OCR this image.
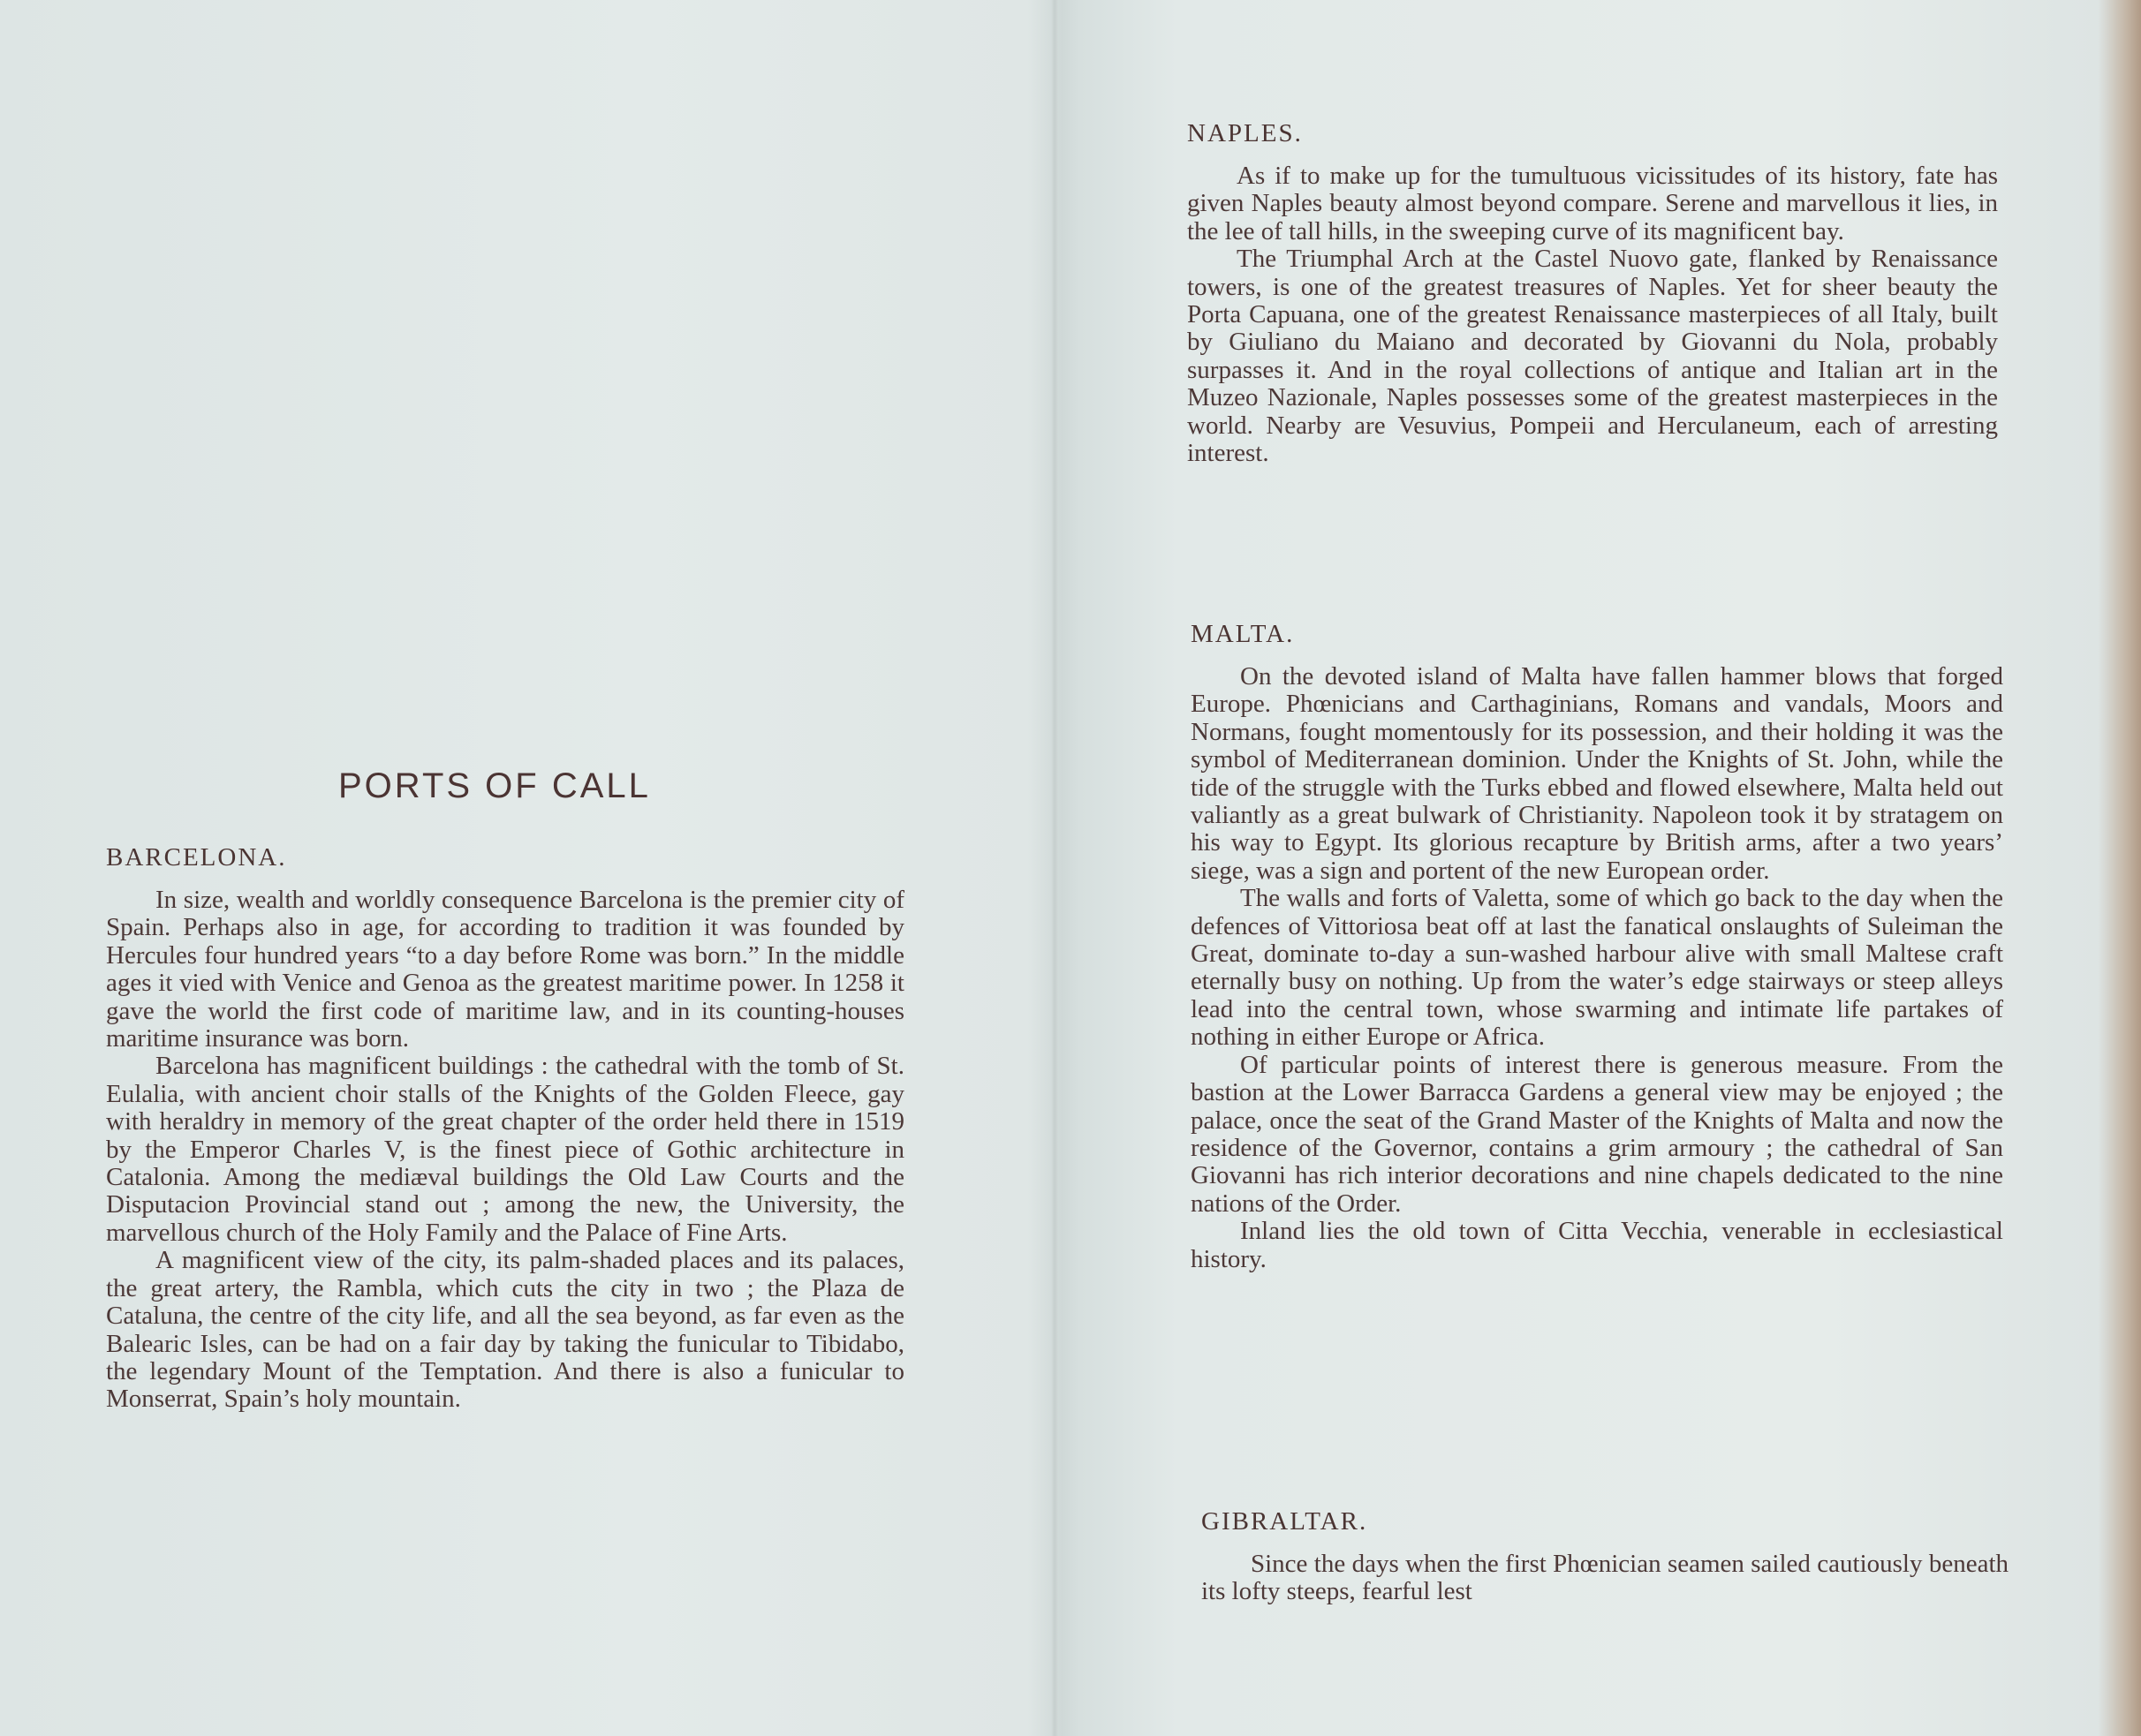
PORTS OF CALL
BARCELONA.

In size, wealth and worldly consequence Barcelona is the premier city of Spain. Perhaps also in age, for according to tradition it was founded by Hercules four hundred years “to a day before Rome was born.” In the middle ages it vied with Venice and Genoa as the greatest maritime power. In 1258 it gave the world the first code of maritime law, and in its counting-houses maritime insurance was born.

Barcelona has magnificent buildings : the cathedral with the tomb of St. Eulalia, with ancient choir stalls of the Knights of the Golden Fleece, gay with heraldry in memory of the great chapter of the order held there in 1519 by the Emperor Charles V, is the finest piece of Gothic architecture in Catalonia. Among the mediæval buildings the Old Law Courts and the Disputacion Provincial stand out ; among the new, the University, the marvellous church of the Holy Family and the Palace of Fine Arts.

A magnificent view of the city, its palm-shaded places and its palaces, the great artery, the Rambla, which cuts the city in two ; the Plaza de Cataluna, the centre of the city life, and all the sea beyond, as far even as the Balearic Isles, can be had on a fair day by taking the funicular to Tibidabo, the legendary Mount of the Temptation. And there is also a funicular to Monserrat, Spain’s holy mountain.

NAPLES.

As if to make up for the tumultuous vicissitudes of its history, fate has given Naples beauty almost beyond compare. Serene and marvellous it lies, in the lee of tall hills, in the sweeping curve of its magnificent bay.

The Triumphal Arch at the Castel Nuovo gate, flanked by Renaissance towers, is one of the greatest treasures of Naples. Yet for sheer beauty the Porta Capuana, one of the greatest Renaissance masterpieces of all Italy, built by Giuliano du Maiano and decorated by Giovanni du Nola, probably surpasses it. And in the royal collections of antique and Italian art in the Muzeo Nazionale, Naples possesses some of the greatest masterpieces in the world. Nearby are Vesuvius, Pompeii and Herculaneum, each of arresting interest.

MALTA.

On the devoted island of Malta have fallen hammer blows that forged Europe. Phœnicians and Carthaginians, Romans and vandals, Moors and Normans, fought momentously for its possession, and their holding it was the symbol of Mediterranean dominion. Under the Knights of St. John, while the tide of the struggle with the Turks ebbed and flowed elsewhere, Malta held out valiantly as a great bulwark of Christianity. Napoleon took it by stratagem on his way to Egypt. Its glorious recapture by British arms, after a two years’ siege, was a sign and portent of the new European order.

The walls and forts of Valetta, some of which go back to the day when the defences of Vittoriosa beat off at last the fanatical onslaughts of Suleiman the Great, dominate to-day a sun-washed harbour alive with small Maltese craft eternally busy on nothing. Up from the water’s edge stairways or steep alleys lead into the central town, whose swarming and intimate life partakes of nothing in either Europe or Africa.

Of particular points of interest there is generous measure. From the bastion at the Lower Barracca Gardens a general view may be enjoyed ; the palace, once the seat of the Grand Master of the Knights of Malta and now the residence of the Governor, contains a grim armoury ; the cathedral of San Giovanni has rich interior decorations and nine chapels dedicated to the nine nations of the Order.

Inland lies the old town of Citta Vecchia, venerable in ecclesiastical history.

GIBRALTAR.

Since the days when the first Phœnician seamen sailed cautiously beneath its lofty steeps, fearful lest
